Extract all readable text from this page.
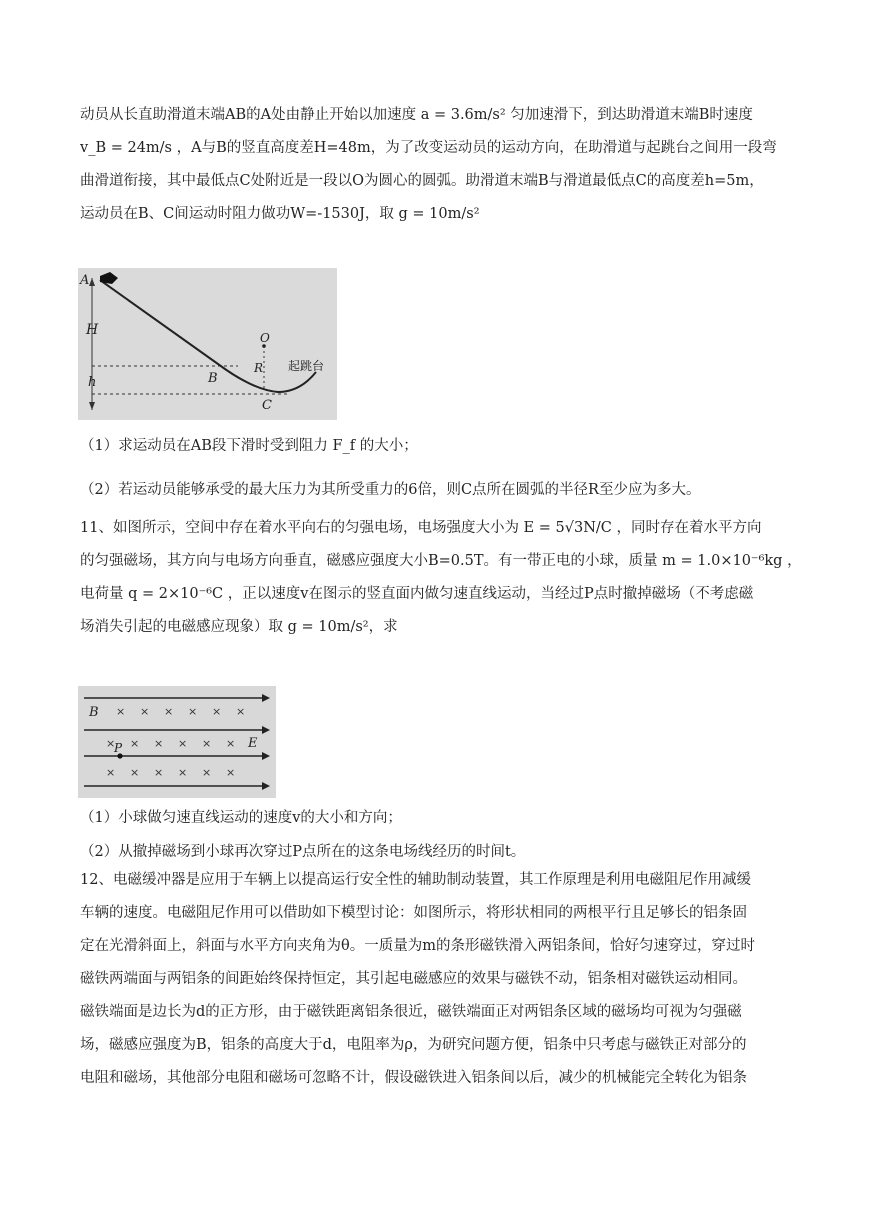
动员从长直助滑道末端AB的A处由静止开始以加速度 a = 3.6m/s² 匀加速滑下，到达助滑道末端B时速度
v_B = 24m/s ，A与B的竖直高度差H=48m，为了改变运动员的运动方向，在助滑道与起跳台之间用一段弯
曲滑道衔接，其中最低点C处附近是一段以O为圆心的圆弧。助滑道末端B与滑道最低点C的高度差h=5m，
运动员在B、C间运动时阻力做功W=-1530J，取 g = 10m/s²
A
H
h	B
C
O
R 起跳台
（1）求运动员在AB段下滑时受到阻力 F_f 的大小；
（2）若运动员能够承受的最大压力为其所受重力的6倍，则C点所在圆弧的半径R至少应为多大。
11、如图所示，空间中存在着水平向右的匀强电场，电场强度大小为 E = 5√3N/C ，同时存在着水平方向
的匀强磁场，其方向与电场方向垂直，磁感应强度大小B=0.5T。有一带正电的小球，质量 m = 1.0×10⁻⁶kg ，
电荷量 q = 2×10⁻⁶C ，正以速度v在图示的竖直面内做匀速直线运动，当经过P点时撤掉磁场（不考虑磁
场消失引起的电磁感应现象）取 g = 10m/s²，求
B × × × × × ×
× × × × × × E
P
× × × × × ×
（1）小球做匀速直线运动的速度v的大小和方向；
（2）从撤掉磁场到小球再次穿过P点所在的这条电场线经历的时间t。
12、电磁缓冲器是应用于车辆上以提高运行安全性的辅助制动装置，其工作原理是利用电磁阻尼作用减缓
车辆的速度。电磁阻尼作用可以借助如下模型讨论：如图所示，将形状相同的两根平行且足够长的铝条固
定在光滑斜面上，斜面与水平方向夹角为θ。一质量为m的条形磁铁滑入两铝条间，恰好匀速穿过，穿过时
磁铁两端面与两铝条的间距始终保持恒定，其引起电磁感应的效果与磁铁不动，铝条相对磁铁运动相同。
磁铁端面是边长为d的正方形，由于磁铁距离铝条很近，磁铁端面正对两铝条区域的磁场均可视为匀强磁
场，磁感应强度为B，铝条的高度大于d，电阻率为ρ，为研究问题方便，铝条中只考虑与磁铁正对部分的
电阻和磁场，其他部分电阻和磁场可忽略不计，假设磁铁进入铝条间以后，减少的机械能完全转化为铝条
